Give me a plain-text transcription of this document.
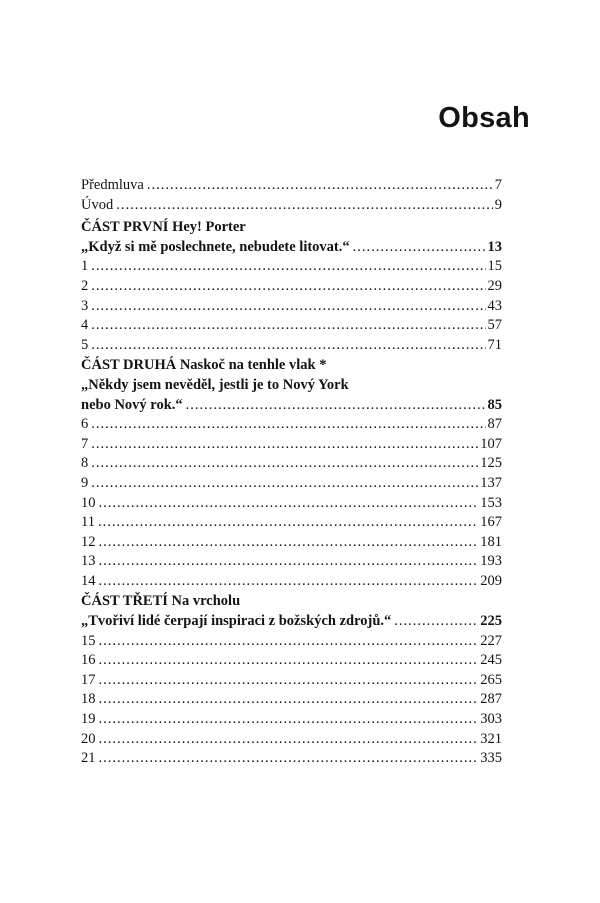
Obsah
Předmluva .....	7
Úvod .....	9
ČÁST PRVNÍ Hey! Porter
„Když si mě poslechnete, nebudete litovat.“ .....	13
1 .....	15
2 .....	29
3 .....	43
4 .....	57
5 .....	71
ČÁST DRUHÁ Naskoč na tenhle vlak *
„Někdy jsem nevěděl, jestli je to Nový York
nebo Nový rok.“ .....	85
6 .....	87
7 .....	107
8 .....	125
9 .....	137
10 .....	153
11 .....	167
12 .....	181
13 .....	193
14 .....	209
ČÁST TŘETÍ Na vrcholu
„Tvořiví lidé čerpají inspiraci z božských zdrojů.“ .....	225
15 .....	227
16 .....	245
17 .....	265
18 .....	287
19 .....	303
20 .....	321
21 .....	335
